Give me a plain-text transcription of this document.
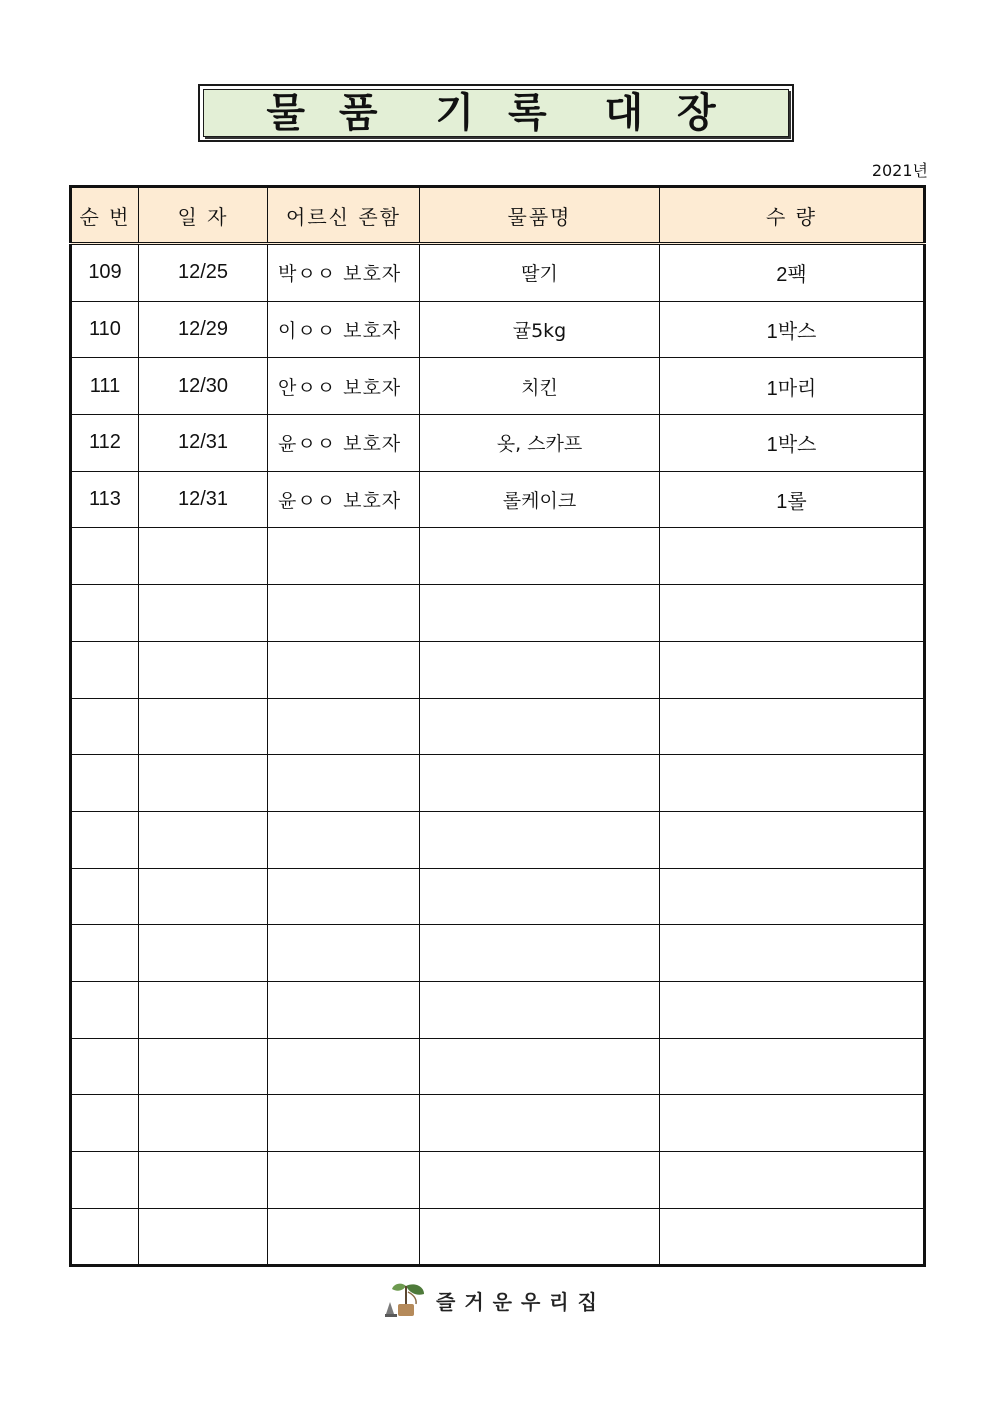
물 품  기 록  대 장
2021년
순 번	일 자	어르신 존함	물품명	수 량
109	12/25	박ㅇㅇ 보호자	딸기	2팩
110	12/29	이ㅇㅇ 보호자	귤5kg	1박스
111	12/30	안ㅇㅇ 보호자	치킨	1마리
112	12/31	윤ㅇㅇ 보호자	옷, 스카프	1박스
113	12/31	윤ㅇㅇ 보호자	롤케이크	1롤

즐거운우리집
